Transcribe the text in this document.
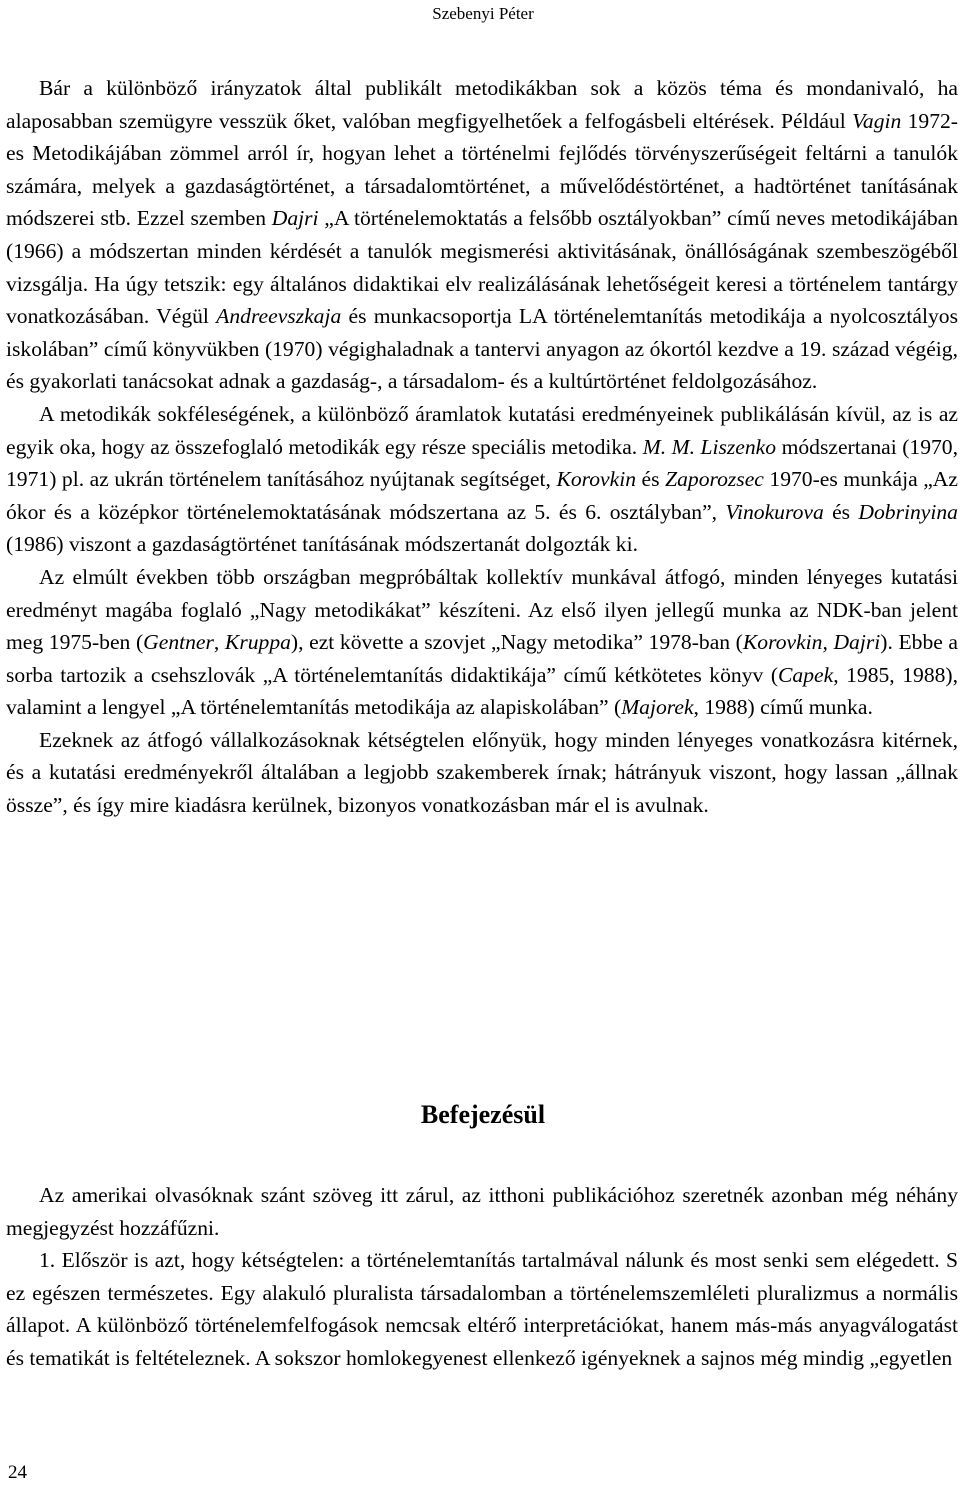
Szebenyi Péter

Bár a különböző irányzatok által publikált metodikákban sok a közös téma és mondanivaló, ha alaposabban szemügyre vesszük őket, valóban megfigyelhetőek a felfogásbeli eltérések. Például Vagin 1972-es Metodikájában zömmel arról ír, hogyan lehet a történelmi fejlődés törvényszerűségeit feltárni a tanulók számára, melyek a gazdaságtörténet, a társadalomtörténet, a művelődéstörténet, a hadtörténet tanításának módszerei stb. Ezzel szemben Dajri „A történelemoktatás a felsőbb osztályokban” című neves metodikájában (1966) a módszertan minden kérdését a tanulók megismerési aktivitásának, önállóságának szembeszögéből vizsgálja. Ha úgy tetszik: egy általános didaktikai elv realizálásának lehetőségeit keresi a történelem tantárgy vonatkozásában. Végül Andreevszkaja és munkacsoportja LA történelemtanítás metodikája a nyolcosztályos iskolában” című könyvükben (1970) végighaladnak a tantervi anyagon az ókortól kezdve a 19. század végéig, és gyakorlati tanácsokat adnak a gazdaság-, a társadalom- és a kultúrtörténet feldolgozásához.

A metodikák sokféleségének, a különböző áramlatok kutatási eredményeinek publikálásán kívül, az is az egyik oka, hogy az összefoglaló metodikák egy része speciális metodika. M. M. Liszenko módszertanai (1970, 1971) pl. az ukrán történelem tanításához nyújtanak segítséget, Korovkin és Zaporozsec 1970-es munkája „Az ókor és a középkor történelemoktatásának módszertana az 5. és 6. osztályban”, Vinokurova és Dobrinyina (1986) viszont a gazdaságtörténet tanításának módszertanát dolgozták ki.

Az elmúlt években több országban megpróbáltak kollektív munkával átfogó, minden lényeges kutatási eredményt magába foglaló „Nagy metodikákat” készíteni. Az első ilyen jellegű munka az NDK-ban jelent meg 1975-ben (Gentner, Kruppa), ezt követte a szovjet „Nagy metodika” 1978-ban (Korovkin, Dajri). Ebbe a sorba tartozik a csehszlovák „A történelemtanítás didaktikája” című kétkötetes könyv (Capek, 1985, 1988), valamint a lengyel „A történelemtanítás metodikája az alapiskolában” (Majorek, 1988) című munka.

Ezeknek az átfogó vállalkozásoknak kétségtelen előnyük, hogy minden lényeges vonatkozásra kitérnek, és a kutatási eredményekről általában a legjobb szakemberek írnak; hátrányuk viszont, hogy lassan „állnak össze”, és így mire kiadásra kerülnek, bizonyos vonatkozásban már el is avulnak.

Befejezésül

Az amerikai olvasóknak szánt szöveg itt zárul, az itthoni publikációhoz szeretnék azonban még néhány megjegyzést hozzáfűzni.

1. Először is azt, hogy kétségtelen: a történelemtanítás tartalmával nálunk és most senki sem elégedett. S ez egészen természetes. Egy alakuló pluralista társadalomban a történelemszemléleti pluralizmus a normális állapot. A különböző történelemfelfogások nemcsak eltérő interpretációkat, hanem más-más anyagválogatást és tematikát is feltételeznek. A sokszor homlokegyenest ellenkező igényeknek a sajnos még mindig „egyetlen

24
